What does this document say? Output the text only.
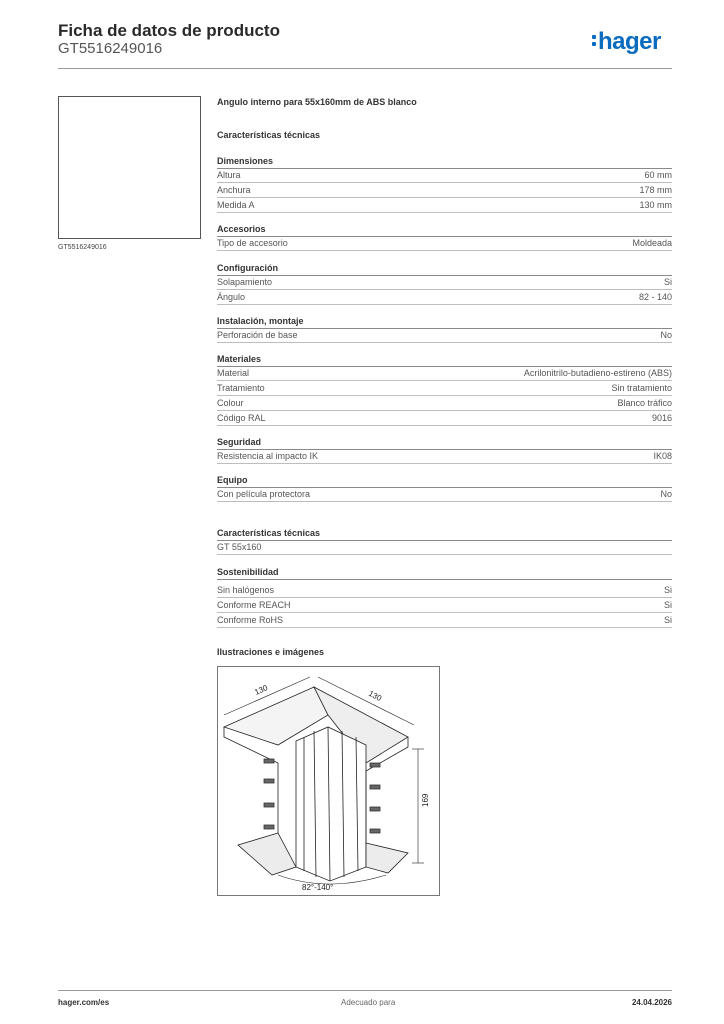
Ficha de datos de producto
GT5516249016	hager
GT5516249016
Angulo interno para 55x160mm de ABS blanco
Características técnicas
Dimensiones
Altura	60 mm
Anchura	178 mm
Medida A	130 mm
Accesorios
Tipo de accesorio	Moldeada
Configuración
Solapamiento	Si
Ángulo	82 - 140
Instalación, montaje
Perforación de base	No
Materiales
Material	Acrilonitrilo-butadieno-estireno (ABS)
Tratamiento	Sin tratamiento
Colour	Blanco tráfico
Código RAL	9016
Seguridad
Resistencia al impacto IK	IK08
Equipo
Con película protectora	No
Características técnicas
GT 55x160
Sostenibilidad
Sin halógenos	Si
Conforme REACH	Si
Conforme RoHS	Si
Ilustraciones e imágenes
130	130
169
82°-140°
hager.com/es	Adecuado para	24.04.2026
